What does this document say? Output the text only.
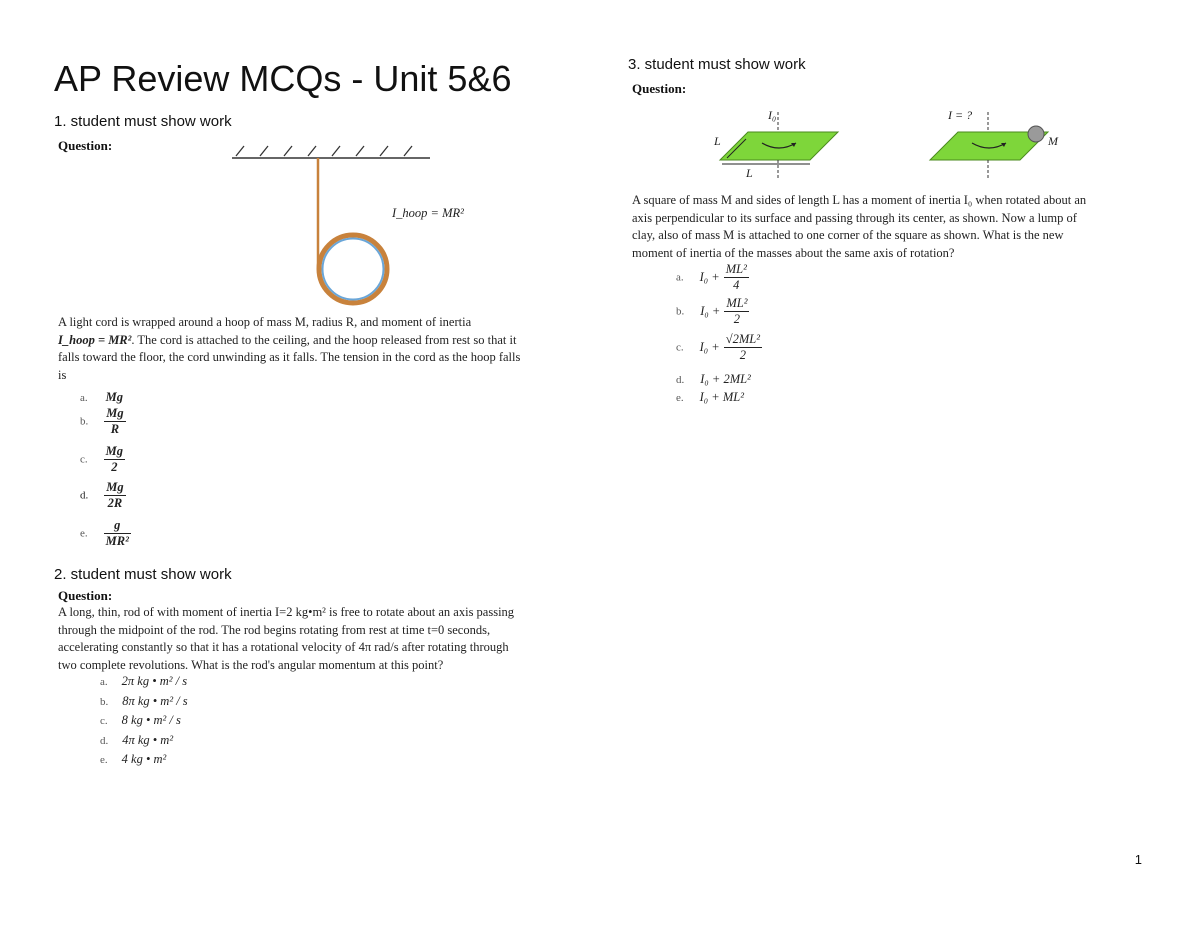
AP Review MCQs - Unit 5&6
1. student must show work
Question:
I_hoop = MR²
A light cord is wrapped around a hoop of mass M, radius R, and moment of inertia
I_hoop = MR². The cord is attached to the ceiling, and the hoop released from rest so that it
falls toward the floor, the cord unwinding as it falls. The tension in the cord as the hoop falls
is
a. Mg
b. $\frac{Mg}{R}$
c. $\frac{Mg}{2}$
d. $\frac{Mg}{2R}$
e. $\frac{g}{\text{MR²}}$
2. student must show work
Question:
A long, thin, rod of with moment of inertia I=2 kg•m² is free to rotate about an axis passing
through the midpoint of the rod. The rod begins rotating from rest at time t=0 seconds,
accelerating constantly so that it has a rotational velocity of 4π rad/s after rotating through
two complete revolutions. What is the rod's angular momentum at this point?
a. 2π kg • m² / s
b. 8π kg • m² / s
c. 8 kg • m² / s
d. 4π kg • m²
e. 4 kg • m²
3. student must show work
Question:
I₀
L
L
I = ?
M
A square of mass M and sides of length L has a moment of inertia I₀ when rotated about an
axis perpendicular to its surface and passing through its center, as shown. Now a lump of
clay, also of mass M is attached to one corner of the square as shown. What is the new
moment of inertia of the masses about the same axis of rotation?
a. $I_0 + \frac{\text{ML²}}{4}$
b. $I_0 + \frac{\text{ML²}}{2}$
c. $I_0 + \frac{\text{√2ML²}}{2}$
d. I₀ + 2ML²
e. I₀ + ML²
1
